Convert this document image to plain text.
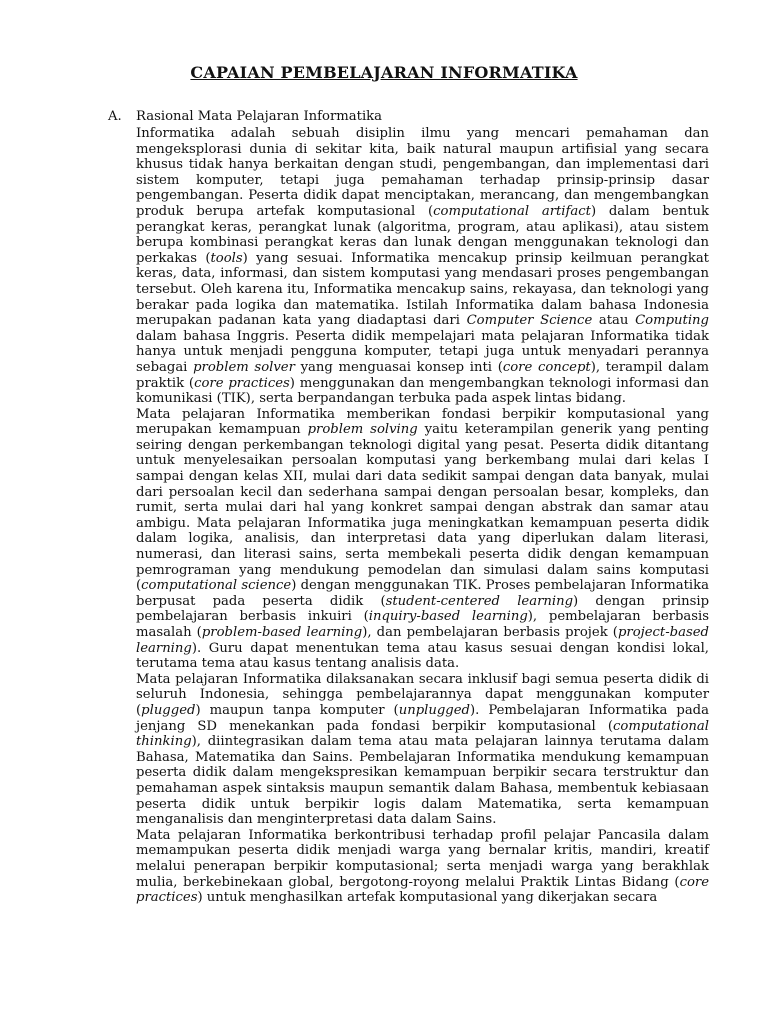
CAPAIAN PEMBELAJARAN INFORMATIKA
A. Rasional Mata Pelajaran Informatika

Informatika adalah sebuah disiplin ilmu yang mencari pemahaman dan mengeksplorasi dunia di sekitar kita, baik natural maupun artifisial yang secara khusus tidak hanya berkaitan dengan studi, pengembangan, dan implementasi dari sistem komputer, tetapi juga pemahaman terhadap prinsip-prinsip dasar pengembangan. Peserta didik dapat menciptakan, merancang, dan mengembangkan produk berupa artefak komputasional (computational artifact) dalam bentuk perangkat keras, perangkat lunak (algoritma, program, atau aplikasi), atau sistem berupa kombinasi perangkat keras dan lunak dengan menggunakan teknologi dan perkakas (tools) yang sesuai. Informatika mencakup prinsip keilmuan perangkat keras, data, informasi, dan sistem komputasi yang mendasari proses pengembangan tersebut. Oleh karena itu, Informatika mencakup sains, rekayasa, dan teknologi yang berakar pada logika dan matematika. Istilah Informatika dalam bahasa Indonesia merupakan padanan kata yang diadaptasi dari Computer Science atau Computing dalam bahasa Inggris. Peserta didik mempelajari mata pelajaran Informatika tidak hanya untuk menjadi pengguna komputer, tetapi juga untuk menyadari perannya sebagai problem solver yang menguasai konsep inti (core concept), terampil dalam praktik (core practices) menggunakan dan mengembangkan teknologi informasi dan komunikasi (TIK), serta berpandangan terbuka pada aspek lintas bidang.

Mata pelajaran Informatika memberikan fondasi berpikir komputasional yang merupakan kemampuan problem solving yaitu keterampilan generik yang penting seiring dengan perkembangan teknologi digital yang pesat. Peserta didik ditantang untuk menyelesaikan persoalan komputasi yang berkembang mulai dari kelas I sampai dengan kelas XII, mulai dari data sedikit sampai dengan data banyak, mulai dari persoalan kecil dan sederhana sampai dengan persoalan besar, kompleks, dan rumit, serta mulai dari hal yang konkret sampai dengan abstrak dan samar atau ambigu. Mata pelajaran Informatika juga meningkatkan kemampuan peserta didik dalam logika, analisis, dan interpretasi data yang diperlukan dalam literasi, numerasi, dan literasi sains, serta membekali peserta didik dengan kemampuan pemrograman yang mendukung pemodelan dan simulasi dalam sains komputasi (computational science) dengan menggunakan TIK. Proses pembelajaran Informatika berpusat pada peserta didik (student-centered learning) dengan prinsip pembelajaran berbasis inkuiri (inquiry-based learning), pembelajaran berbasis masalah (problem-based learning), dan pembelajaran berbasis projek (project-based learning). Guru dapat menentukan tema atau kasus sesuai dengan kondisi lokal, terutama tema atau kasus tentang analisis data.

Mata pelajaran Informatika dilaksanakan secara inklusif bagi semua peserta didik di seluruh Indonesia, sehingga pembelajarannya dapat menggunakan komputer (plugged) maupun tanpa komputer (unplugged). Pembelajaran Informatika pada jenjang SD menekankan pada fondasi berpikir komputasional (computational thinking), diintegrasikan dalam tema atau mata pelajaran lainnya terutama dalam Bahasa, Matematika dan Sains. Pembelajaran Informatika mendukung kemampuan peserta didik dalam mengekspresikan kemampuan berpikir secara terstruktur dan pemahaman aspek sintaksis maupun semantik dalam Bahasa, membentuk kebiasaan peserta didik untuk berpikir logis dalam Matematika, serta kemampuan menganalisis dan menginterpretasi data dalam Sains.

Mata pelajaran Informatika berkontribusi terhadap profil pelajar Pancasila dalam memampukan peserta didik menjadi warga yang bernalar kritis, mandiri, kreatif melalui penerapan berpikir komputasional; serta menjadi warga yang berakhlak mulia, berkebinekaan global, bergotong-royong melalui Praktik Lintas Bidang (core practices) untuk menghasilkan artefak komputasional yang dikerjakan secara
